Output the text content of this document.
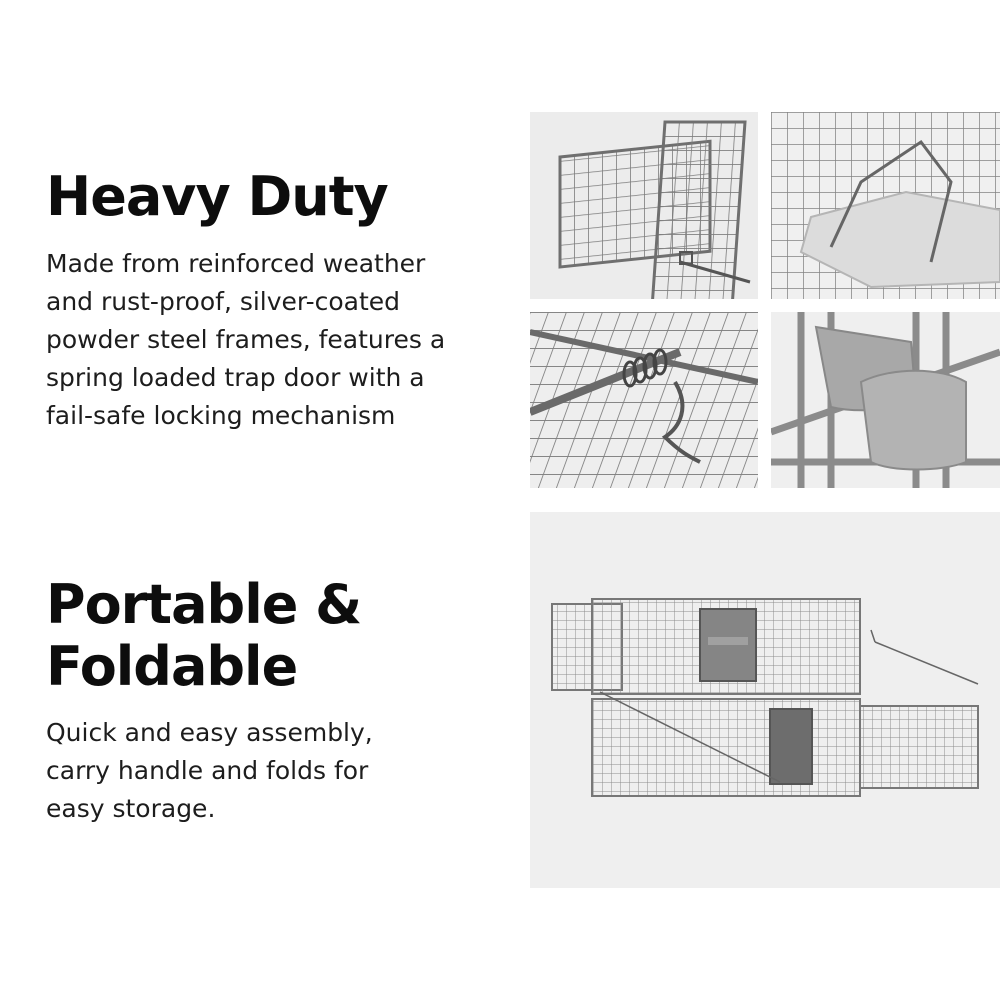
Heavy Duty
Made from reinforced weather
and rust-proof, silver-coated
powder steel frames, features a
spring loaded trap door with a
fail-safe locking mechanism
Portable &
Foldable
Quick and easy assembly,
carry handle and folds for
easy storage.
